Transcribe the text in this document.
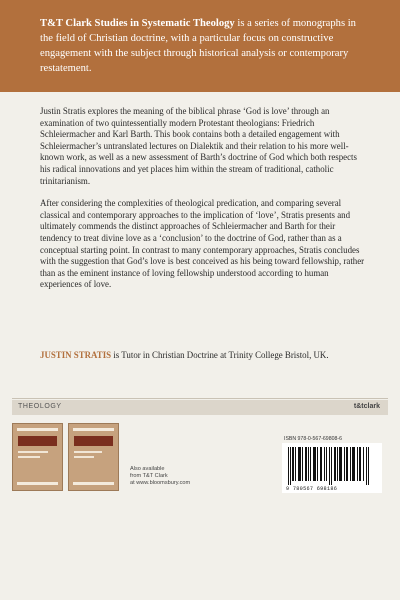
T&T Clark Studies in Systematic Theology is a series of monographs in the field of Christian doctrine, with a particular focus on constructive engagement with the subject through historical analysis or contemporary restatement.

Justin Stratis explores the meaning of the biblical phrase ‘God is love’ through an examination of two quintessentially modern Protestant theologians: Friedrich Schleiermacher and Karl Barth. This book contains both a detailed engagement with Schleiermacher’s untranslated lectures on Dialektik and their relation to his more well-known work, as well as a new assessment of Barth’s doctrine of God which both respects his radical innovations and yet places him within the stream of traditional, catholic trinitarianism.

After considering the complexities of theological predication, and comparing several classical and contemporary approaches to the implication of ‘love’, Stratis presents and ultimately commends the distinct approaches of Schleiermacher and Barth for their tendency to treat divine love as a ‘conclusion’ to the doctrine of God, rather than as a conceptual starting point. In contrast to many contemporary approaches, Stratis concludes with the suggestion that God’s love is best conceived as his being toward fellowship, rather than as the eminent instance of loving fellowship understood according to human experiences of love.

JUSTIN STRATIS is Tutor in Christian Doctrine at Trinity College Bristol, UK.
THEOLOGY	t&tclark
Also available
from T&T Clark
at www.bloomsbury.com
ISBN 978-0-567-69808-6
9 780567 698186
